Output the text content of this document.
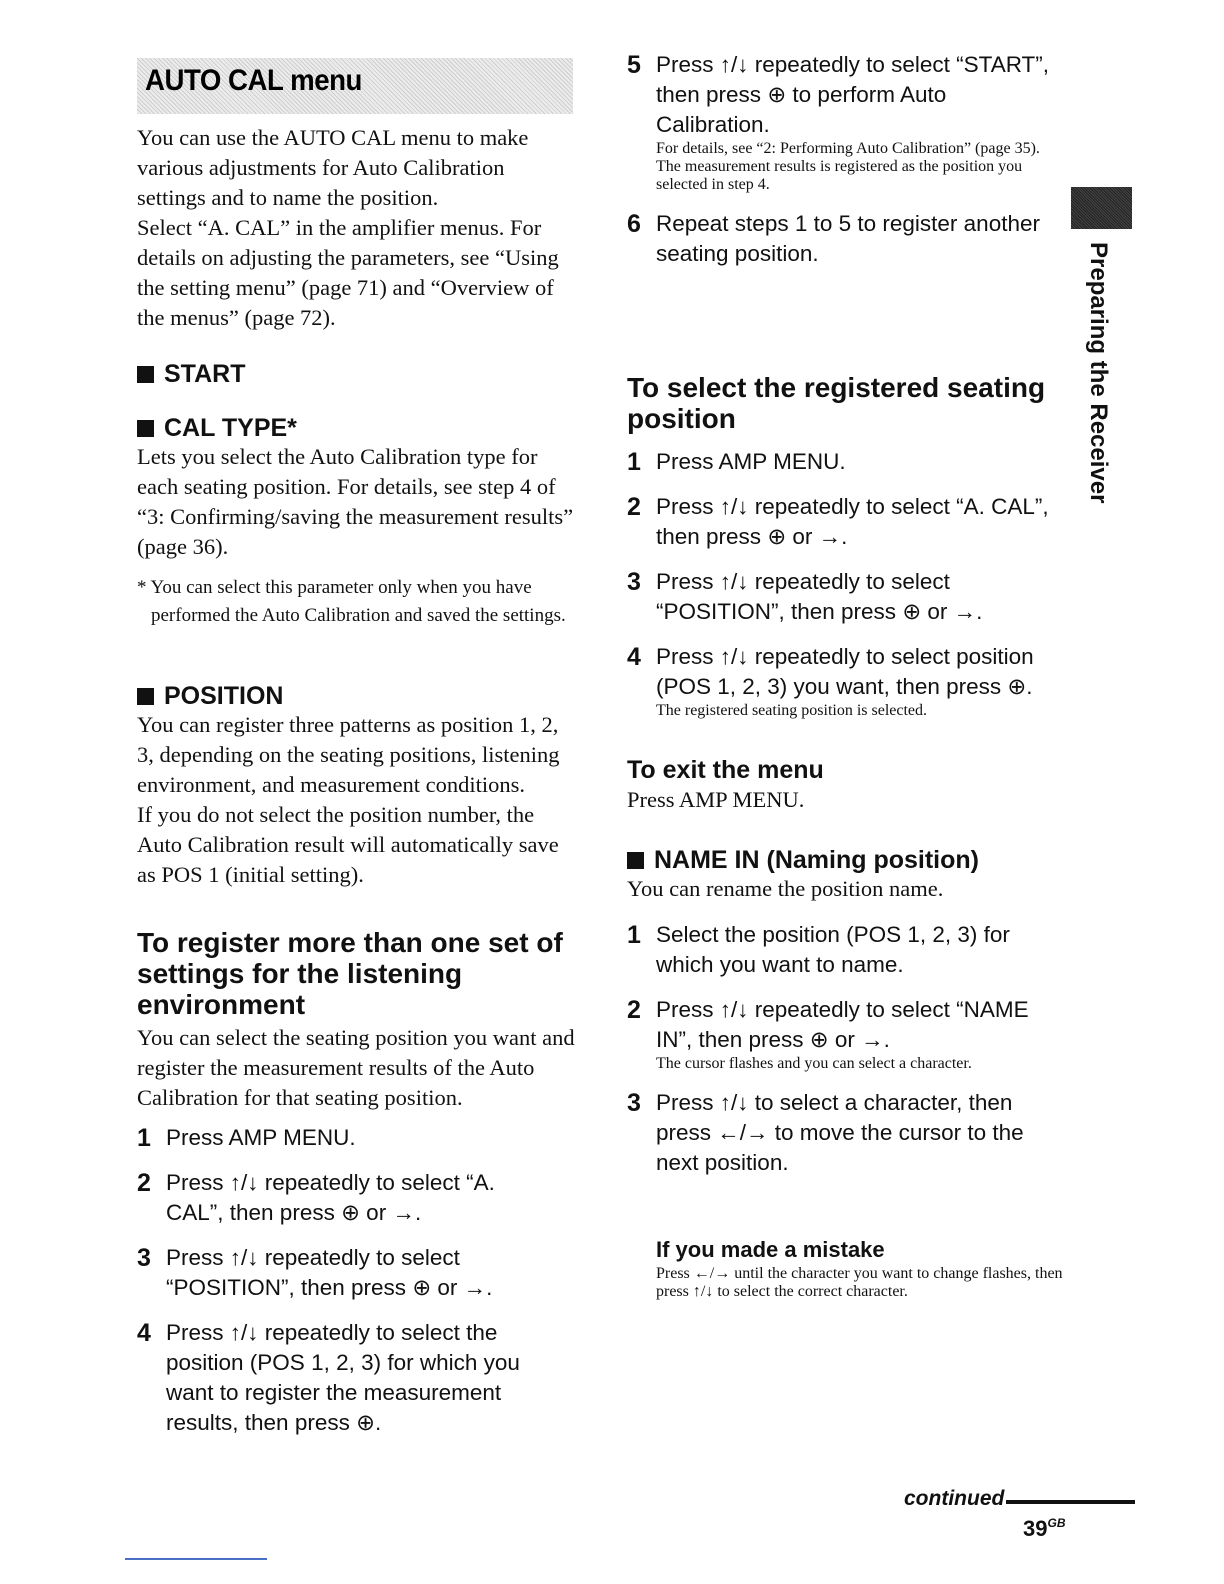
AUTO CAL menu

You can use the AUTO CAL menu to make various adjustments for Auto Calibration settings and to name the position.

Select “A. CAL” in the amplifier menus. For details on adjusting the parameters, see “Using the setting menu” (page 71) and “Overview of the menus” (page 72).

START

CAL TYPE*

Lets you select the Auto Calibration type for each seating position. For details, see step 4 of “3: Confirming/saving the measurement results” (page 36).

* You can select this parameter only when you have performed the Auto Calibration and saved the settings.

POSITION

You can register three patterns as position 1, 2, 3, depending on the seating positions, listening environment, and measurement conditions.

If you do not select the position number, the Auto Calibration result will automatically save as POS 1 (initial setting).

To register more than one set of settings for the listening environment

You can select the seating position you want and register the measurement results of the Auto Calibration for that seating position.

1 Press AMP MENU.
2 Press ↑/↓ repeatedly to select “A. CAL”, then press ⊕ or →.
3 Press ↑/↓ repeatedly to select “POSITION”, then press ⊕ or →.
4 Press ↑/↓ repeatedly to select the position (POS 1, 2, 3) for which you want to register the measurement results, then press ⊕.
5 Press ↑/↓ repeatedly to select “START”, then press ⊕ to perform Auto Calibration.

For details, see “2: Performing Auto Calibration” (page 35).

The measurement results is registered as the position you selected in step 4.

6 Repeat steps 1 to 5 to register another seating position.

To select the registered seating position

1 Press AMP MENU.
2 Press ↑/↓ repeatedly to select “A. CAL”, then press ⊕ or →.
3 Press ↑/↓ repeatedly to select “POSITION”, then press ⊕ or →.
4 Press ↑/↓ repeatedly to select position (POS 1, 2, 3) you want, then press ⊕.

The registered seating position is selected.

To exit the menu

Press AMP MENU.

NAME IN (Naming position)

You can rename the position name.

1 Select the position (POS 1, 2, 3) for which you want to name.
2 Press ↑/↓ repeatedly to select “NAME IN”, then press ⊕ or →.

The cursor flashes and you can select a character.

3 Press ↑/↓ to select a character, then press ←/→ to move the cursor to the next position.

If you made a mistake

Press ←/→ until the character you want to change flashes, then press ↑/↓ to select the correct character.

Preparing the Receiver
continued
$39^{GB}$
